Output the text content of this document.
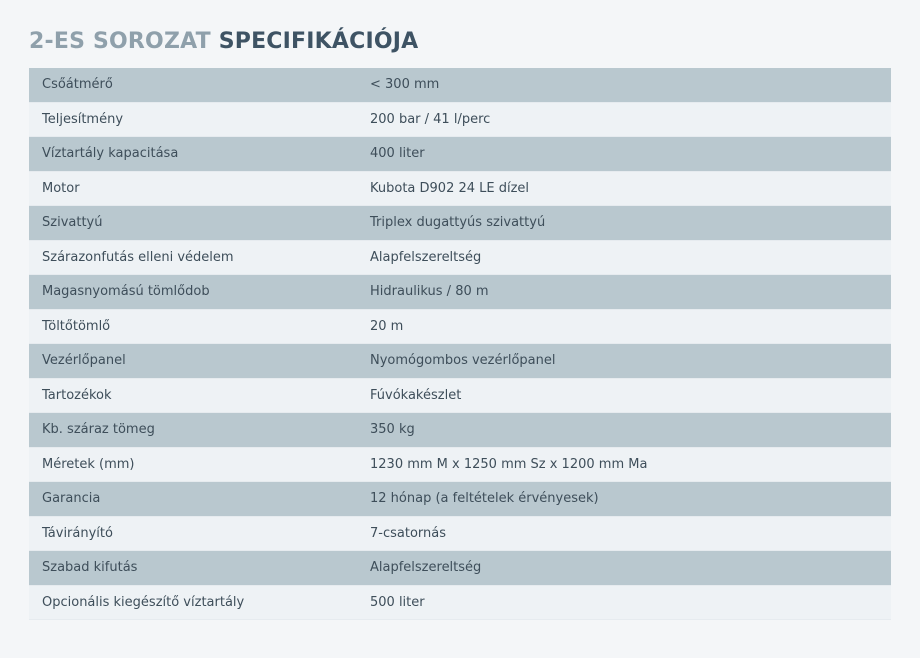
2-ES SOROZAT SPECIFIKÁCIÓJA
Csőátmérő	< 300 mm
Teljesítmény	200 bar / 41 l/perc
Víztartály kapacitása	400 liter
Motor	Kubota D902 24 LE dízel
Szivattyú	Triplex dugattyús szivattyú
Szárazonfutás elleni védelem	Alapfelszereltség
Magasnyomású tömlődob	Hidraulikus / 80 m
Töltőtömlő	20 m
Vezérlőpanel	Nyomógombos vezérlőpanel
Tartozékok	Fúvókakészlet
Kb. száraz tömeg	350 kg
Méretek (mm)	1230 mm M x 1250 mm Sz x 1200 mm Ma
Garancia	12 hónap (a feltételek érvényesek)
Távirányító	7-csatornás
Szabad kifutás	Alapfelszereltség
Opcionális kiegészítő víztartály	500 liter
